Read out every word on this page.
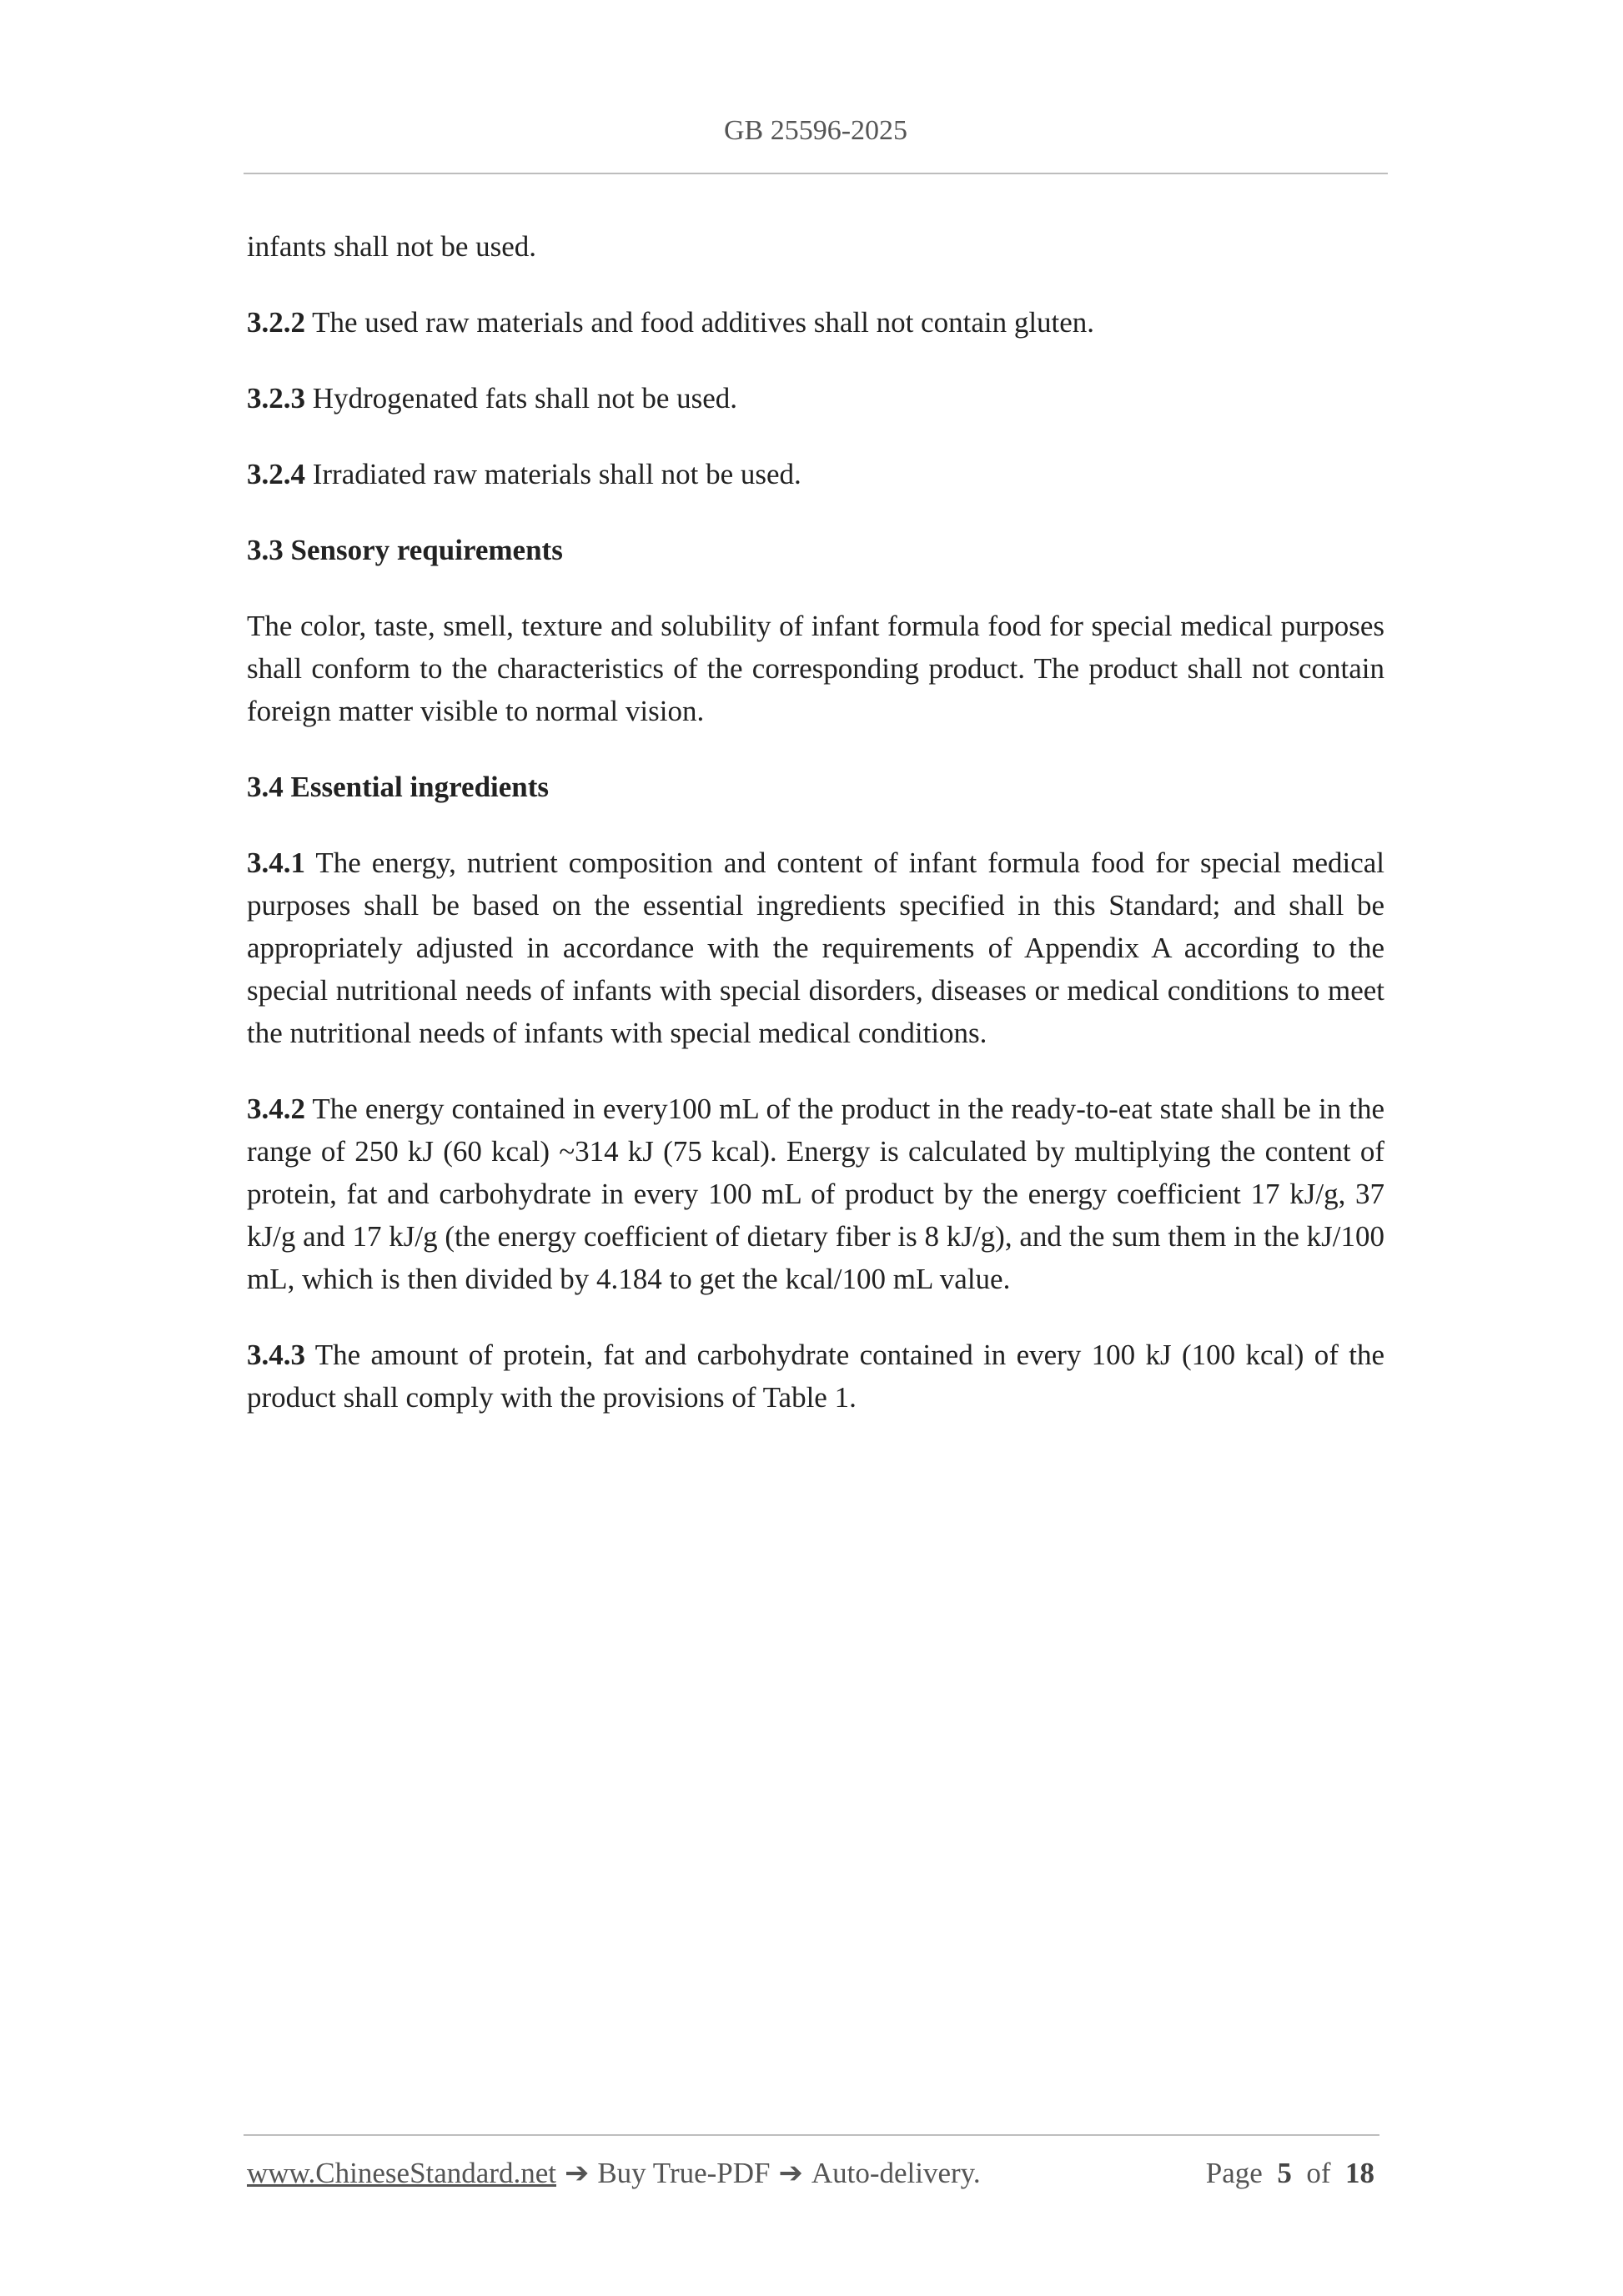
GB 25596-2025

infants shall not be used.

3.2.2 The used raw materials and food additives shall not contain gluten.

3.2.3 Hydrogenated fats shall not be used.

3.2.4 Irradiated raw materials shall not be used.

3.3 Sensory requirements

The color, taste, smell, texture and solubility of infant formula food for special medical purposes shall conform to the characteristics of the corresponding product. The product shall not contain foreign matter visible to normal vision.

3.4 Essential ingredients

3.4.1 The energy, nutrient composition and content of infant formula food for special medical purposes shall be based on the essential ingredients specified in this Standard; and shall be appropriately adjusted in accordance with the requirements of Appendix A according to the special nutritional needs of infants with special disorders, diseases or medical conditions to meet the nutritional needs of infants with special medical conditions.

3.4.2 The energy contained in every100 mL of the product in the ready-to-eat state shall be in the range of 250 kJ (60 kcal) ~314 kJ (75 kcal). Energy is calculated by multiplying the content of protein, fat and carbohydrate in every 100 mL of product by the energy coefficient 17 kJ/g, 37 kJ/g and 17 kJ/g (the energy coefficient of dietary fiber is 8 kJ/g), and the sum them in the kJ/100 mL, which is then divided by 4.184 to get the kcal/100 mL value.

3.4.3 The amount of protein, fat and carbohydrate contained in every 100 kJ (100 kcal) of the product shall comply with the provisions of Table 1.

www.ChineseStandard.net ➔ Buy True-PDF ➔ Auto-delivery.	Page 5 of 18
